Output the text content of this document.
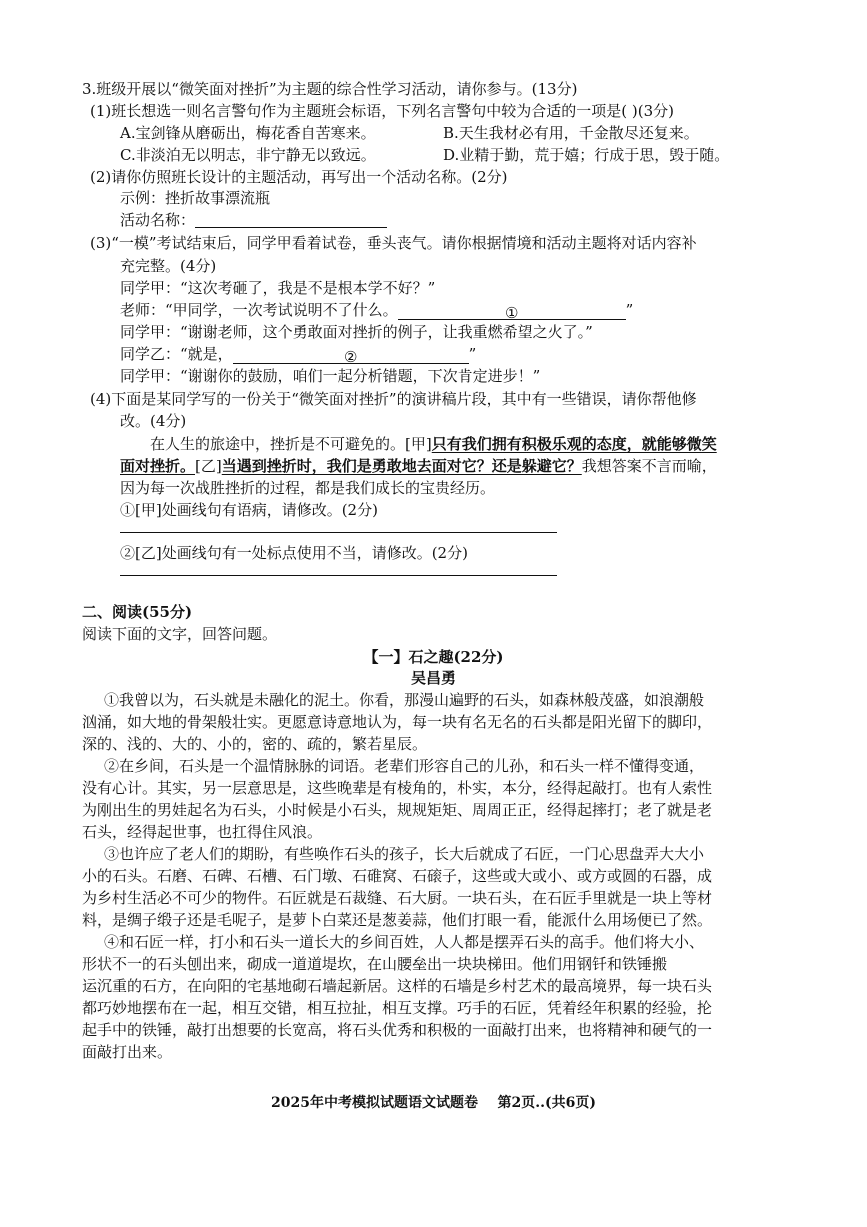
3.班级开展以“微笑面对挫折”为主题的综合性学习活动，请你参与。(13分)
(1)班长想选一则名言警句作为主题班会标语，下列名言警句中较为合适的一项是( )(3分)
A.宝剑锋从磨砺出，梅花香自苦寒来。	B.天生我材必有用，千金散尽还复来。
C.非淡泊无以明志，非宁静无以致远。	D.业精于勤，荒于嬉；行成于思，毁于随。
(2)请你仿照班长设计的主题活动，再写出一个活动名称。(2分)
示例：挫折故事漂流瓶
活动名称：
(3)“一模”考试结束后，同学甲看着试卷，垂头丧气。请你根据情境和活动主题将对话内容补
充完整。(4分)
同学甲：“这次考砸了，我是不是根本学不好？”
老师：“甲同学，一次考试说明不了什么。	①	”
同学甲：“谢谢老师，这个勇敢面对挫折的例子，让我重燃希望之火了。”
同学乙：“就是，	②	”
同学甲：“谢谢你的鼓励，咱们一起分析错题，下次肯定进步！”
(4)下面是某同学写的一份关于“微笑面对挫折”的演讲稿片段，其中有一些错误，请你帮他修
改。(4分)
在人生的旅途中，挫折是不可避免的。[甲]只有我们拥有积极乐观的态度，就能够微笑
面对挫折。[乙]当遇到挫折时，我们是勇敢地去面对它？还是躲避它？我想答案不言而喻，
因为每一次战胜挫折的过程，都是我们成长的宝贵经历。
①[甲]处画线句有语病，请修改。(2分)
②[乙]处画线句有一处标点使用不当，请修改。(2分)
二、阅读(55分)
阅读下面的文字，回答问题。
【一】石之趣(22分)
吴昌勇
①我曾以为，石头就是未融化的泥土。你看，那漫山遍野的石头，如森林般茂盛，如浪潮般
汹涌，如大地的骨架般壮实。更愿意诗意地认为，每一块有名无名的石头都是阳光留下的脚印，
深的、浅的、大的、小的，密的、疏的，繁若星辰。
②在乡间，石头是一个温情脉脉的词语。老辈们形容自己的儿孙，和石头一样不懂得变通，
没有心计。其实，另一层意思是，这些晚辈是有棱角的，朴实，本分，经得起敲打。也有人索性
为刚出生的男娃起名为石头，小时候是小石头，规规矩矩、周周正正，经得起摔打；老了就是老
石头，经得起世事，也扛得住风浪。
③也许应了老人们的期盼，有些唤作石头的孩子，长大后就成了石匠，一门心思盘弄大大小
小的石头。石磨、石碑、石槽、石门墩、石碓窝、石磙子，这些或大或小、或方或圆的石器，成
为乡村生活必不可少的物件。石匠就是石裁缝、石大厨。一块石头，在石匠手里就是一块上等材
料，是绸子缎子还是毛呢子，是萝卜白菜还是葱姜蒜，他们打眼一看，能派什么用场便已了然。
④和石匠一样，打小和石头一道长大的乡间百姓，人人都是摆弄石头的高手。他们将大小、
形状不一的石头刨出来，砌成一道道堤坎，在山腰垒出一块块梯田。他们用钢钎和铁锤搬
运沉重的石方，在向阳的宅基地砌石墙起新居。这样的石墙是乡村艺术的最高境界，每一块石头
都巧妙地摆布在一起，相互交错，相互拉扯，相互支撑。巧手的石匠，凭着经年积累的经验，抡
起手中的铁锤，敲打出想要的长宽高，将石头优秀和积极的一面敲打出来，也将精神和硬气的一
面敲打出来。
2025年中考模拟试题语文试题卷    第2页..(共6页)
